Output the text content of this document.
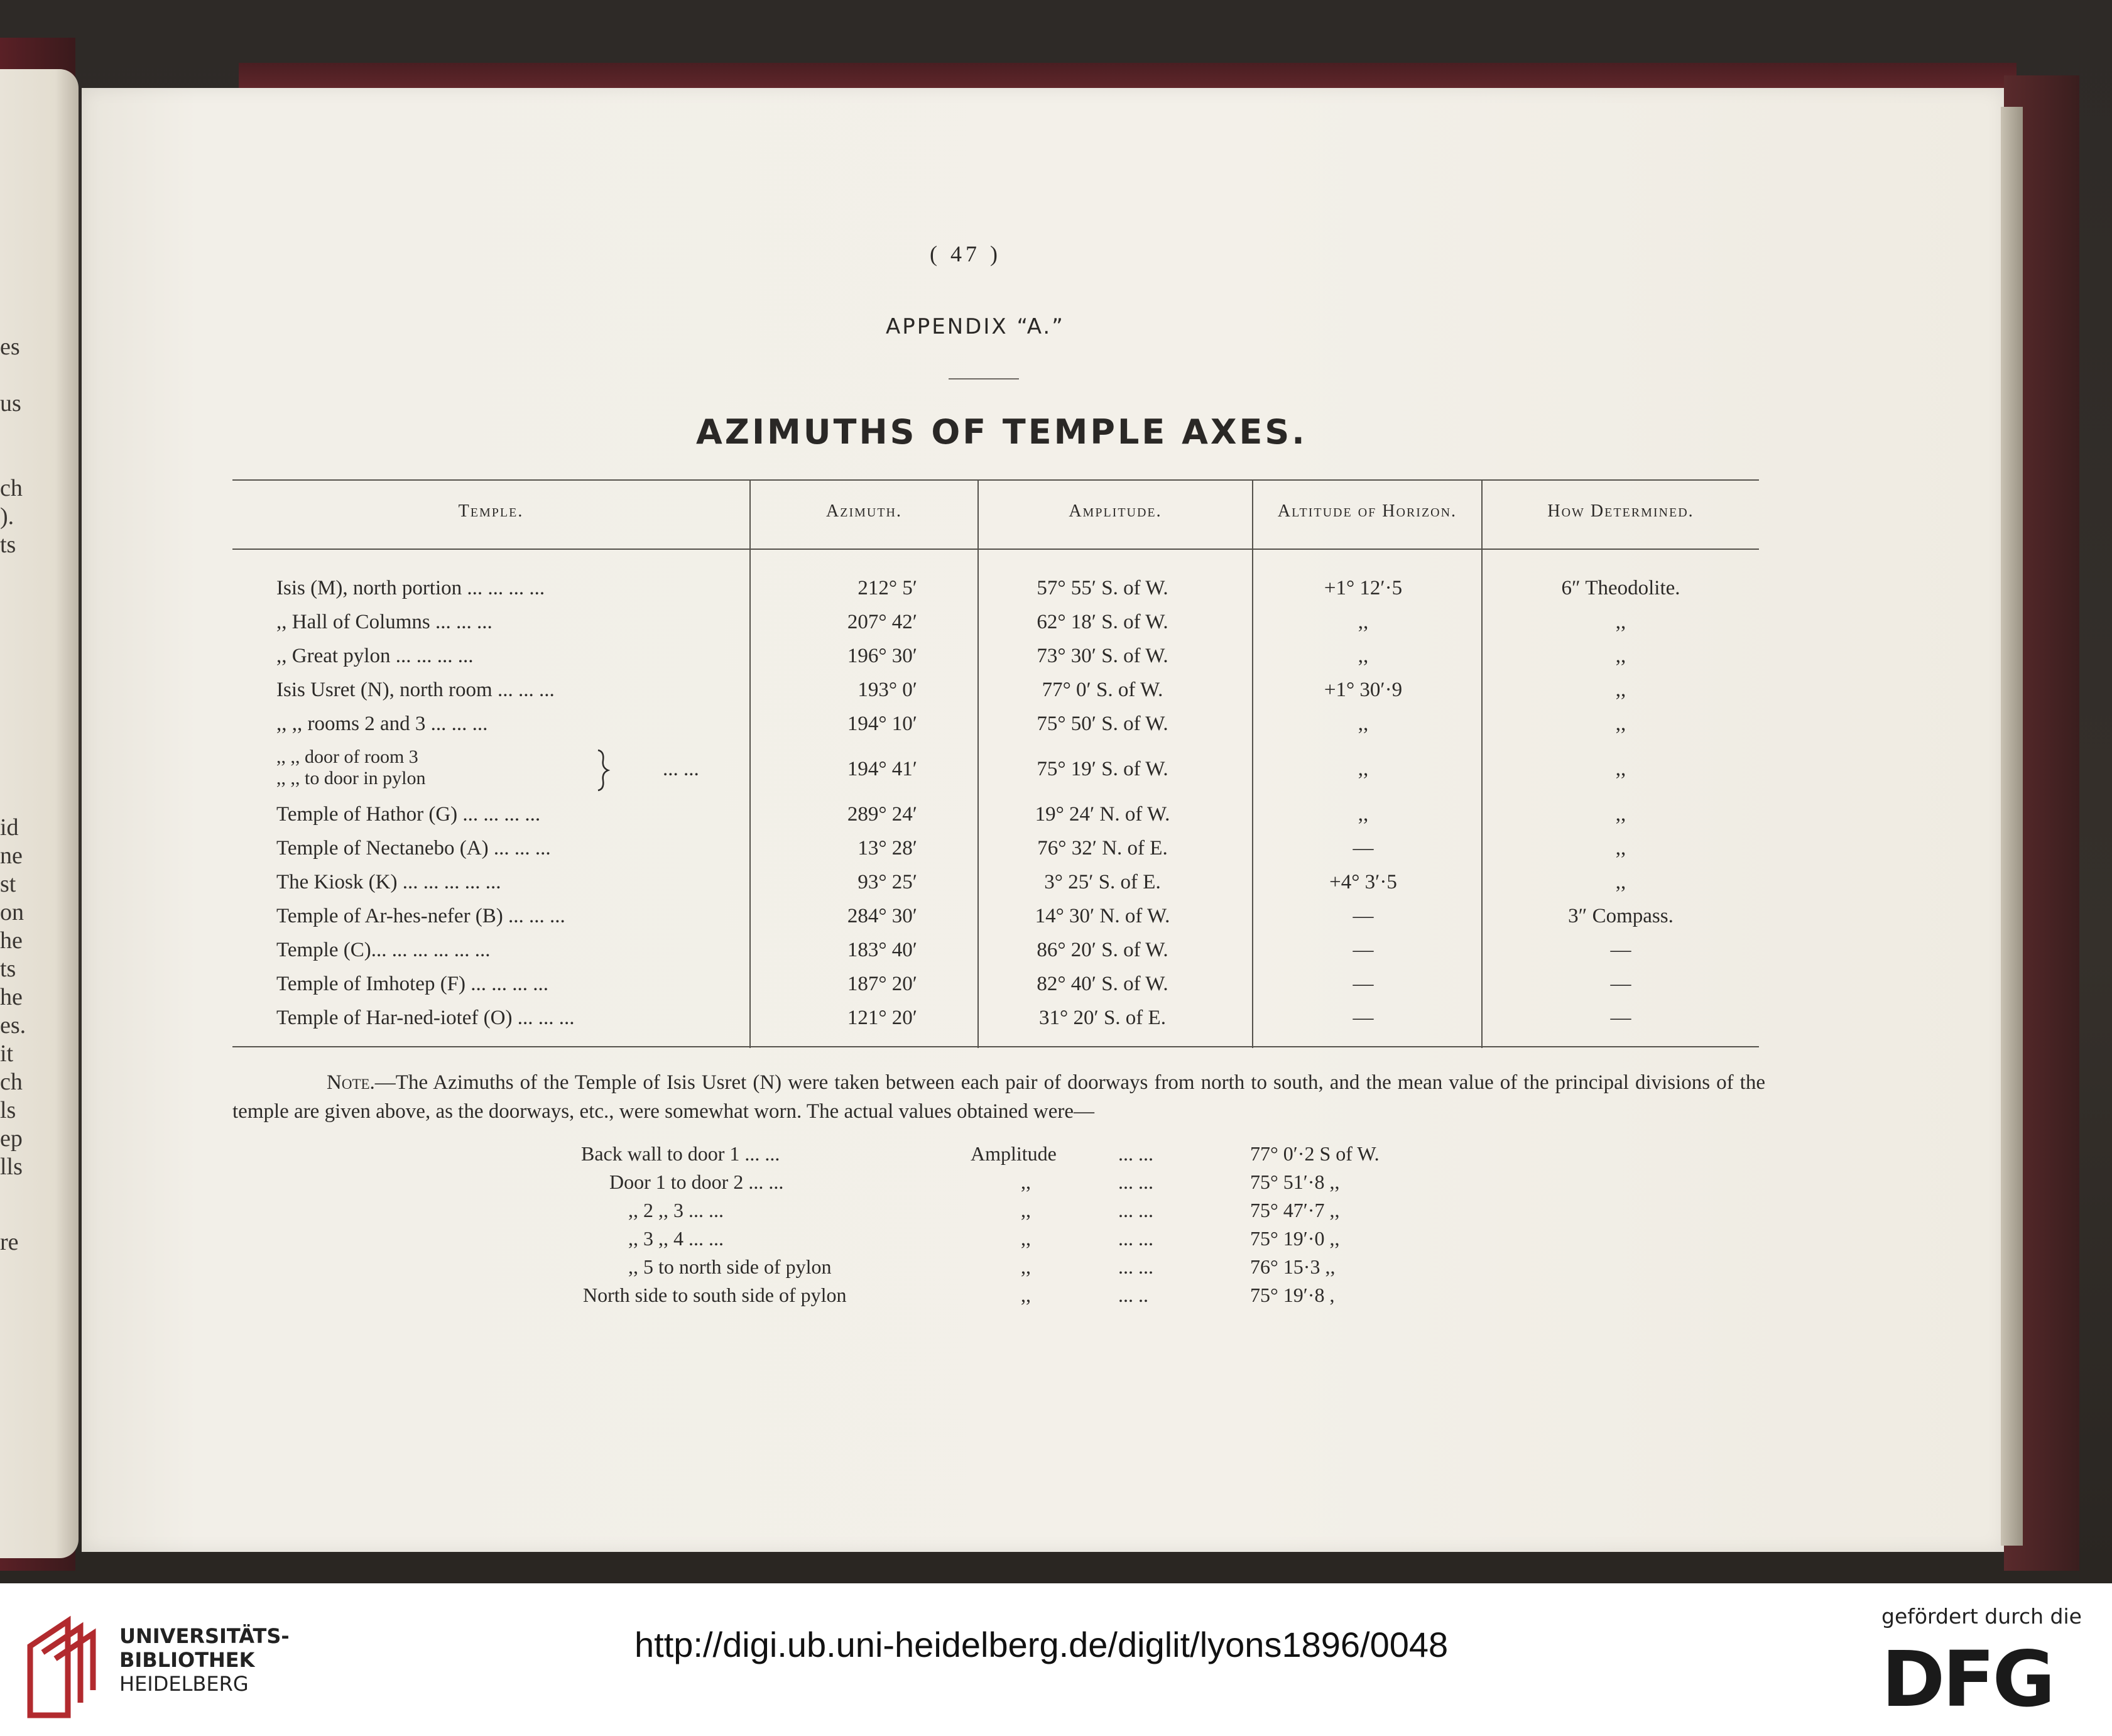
es
us
ch
).
ts
id
ne
st
on
he
ts
he
es.
it
ch
ls
ep
lls
re
( 47 )
APPENDIX “A.”
AZIMUTHS OF TEMPLE AXES.
Temple.	Azimuth.	Amplitude.	Altitude of Horizon.	How Determined.
Isis (M), north portion ... ... ... ...	212° 5′	57° 55′ S. of W.	+1° 12′·5	6″ Theodolite.
,, Hall of Columns ... ... ...	207° 42′	62° 18′ S. of W.	,,	,,
,, Great pylon ... ... ... ...	196° 30′	73° 30′ S. of W.	,,	,,
Isis Usret (N), north room ... ... ...	193° 0′	77° 0′ S. of W.	+1° 30′·9	,,
,, ,, rooms 2 and 3 ... ... ...	194° 10′	75° 50′ S. of W.	,,	,,
,, ,, door of room 3
,, ,, to door in pylon	... ...	194° 41′	75° 19′ S. of W.	,,	,,
Temple of Hathor (G) ... ... ... ...	289° 24′	19° 24′ N. of W.	,,	,,
Temple of Nectanebo (A) ... ... ...	13° 28′	76° 32′ N. of E.	—	,,
The Kiosk (K) ... ... ... ... ...	93° 25′	3° 25′ S. of E.	+4° 3′·5	,,
Temple of Ar-hes-nefer (B) ... ... ...	284° 30′	14° 30′ N. of W.	—	3″ Compass.
Temple (C)... ... ... ... ... ...	183° 40′	86° 20′ S. of W.	—	—
Temple of Imhotep (F) ... ... ... ...	187° 20′	82° 40′ S. of W.	—	—
Temple of Har-ned-iotef (O) ... ... ...	121° 20′	31° 20′ S. of E.	—	—
Note.—The Azimuths of the Temple of Isis Usret (N) were taken between each pair of doorways from north to south, and the mean value of the principal divisions of the temple are given above, as the doorways, etc., were somewhat worn. The actual values obtained were—
Back wall to door 1 ... ...	Amplitude	... ...	77° 0′·2 S of W.
Door 1 to door 2 ... ...	,,	... ...	75° 51′·8 ,,
,, 2 ,, 3 ... ...	,,	... ...	75° 47′·7 ,,
,, 3 ,, 4 ... ...	,,	... ...	75° 19′·0 ,,
,, 5 to north side of pylon	,,	... ...	76° 15·3 ,,
North side to south side of pylon	,,	... ..	75° 19′·8 ,
UNIVERSITÄTS-
BIBLIOTHEK
HEIDELBERG
http://digi.ub.uni-heidelberg.de/diglit/lyons1896/0048
gefördert durch die
DFG
